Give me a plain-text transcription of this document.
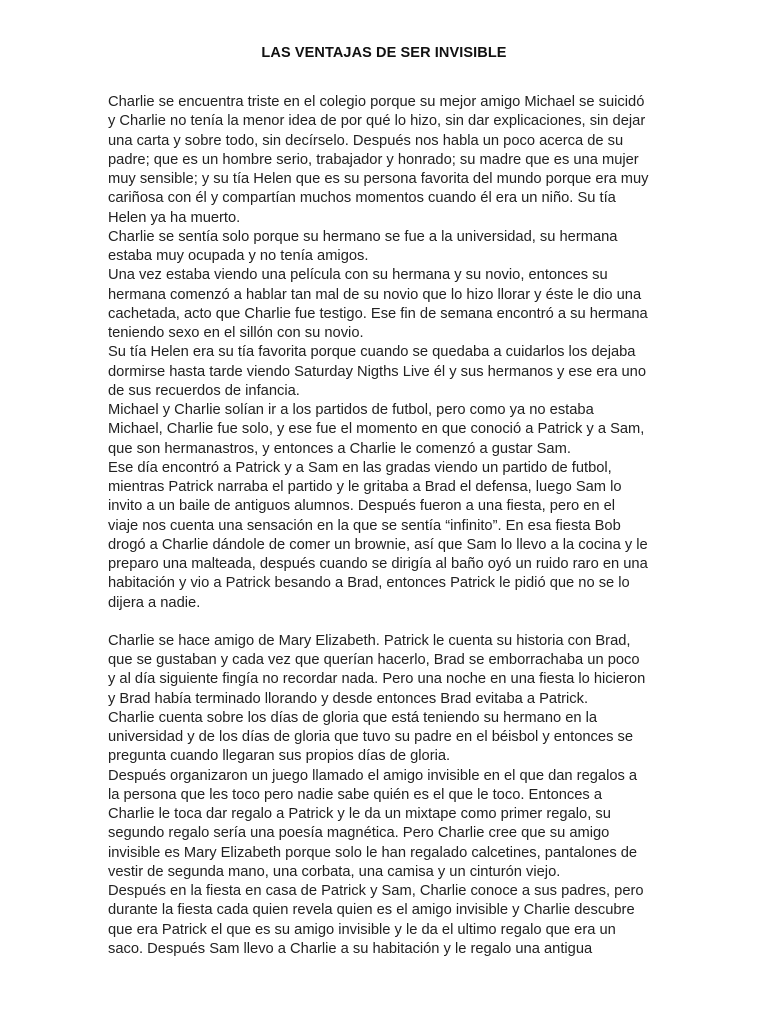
LAS VENTAJAS DE SER INVISIBLE
Charlie se encuentra triste en el colegio porque su mejor amigo Michael se suicidó
y Charlie no tenía la menor idea de por qué lo hizo, sin dar explicaciones, sin dejar
una carta y sobre todo, sin decírselo. Después nos habla un poco acerca de su
padre; que es un hombre serio, trabajador y honrado; su madre que es una mujer
muy sensible; y su tía Helen que es su persona favorita del mundo porque era muy
cariñosa con él y compartían muchos momentos cuando él era un niño. Su tía
Helen ya ha muerto.
Charlie se sentía solo porque su hermano se fue a la universidad, su hermana
estaba muy ocupada y no tenía amigos.
Una vez estaba viendo una película con su hermana y su novio, entonces su
hermana comenzó a hablar tan mal de su novio que lo hizo llorar y éste le dio una
cachetada, acto que Charlie fue testigo. Ese fin de semana encontró a su hermana
teniendo sexo en el sillón con su novio.
Su tía Helen era su tía favorita porque cuando se quedaba a cuidarlos los dejaba
dormirse hasta tarde viendo Saturday Nigths Live él y sus hermanos y ese era uno
de sus recuerdos de infancia.
Michael y Charlie solían ir a los partidos de futbol, pero como ya no estaba
Michael, Charlie fue solo, y ese fue el momento en que conoció a Patrick y a Sam,
que son hermanastros, y entonces a Charlie le comenzó a gustar Sam.
Ese día encontró a Patrick y a Sam en las gradas viendo un partido de futbol,
mientras Patrick narraba el partido y le gritaba a Brad el defensa, luego Sam lo
invito a un baile de antiguos alumnos. Después fueron a una fiesta, pero en el
viaje nos cuenta una sensación en la que se sentía “infinito”. En esa fiesta Bob
drogó a Charlie dándole de comer un brownie, así que Sam lo llevo a la cocina y le
preparo una malteada, después cuando se dirigía al baño oyó un ruido raro en una
habitación y vio a Patrick besando a Brad, entonces Patrick le pidió que no se lo
dijera a nadie.
Charlie se hace amigo de Mary Elizabeth. Patrick le cuenta su historia con Brad,
que se gustaban y cada vez que querían hacerlo, Brad se emborrachaba un poco
y al día siguiente fingía no recordar nada. Pero una noche en una fiesta lo hicieron
y Brad había terminado llorando y desde entonces Brad evitaba a Patrick.
Charlie cuenta sobre los días de gloria que está teniendo su hermano en la
universidad y de los días de gloria que tuvo su padre en el béisbol y entonces se
pregunta cuando llegaran sus propios días de gloria.
Después organizaron un juego llamado el amigo invisible en el que dan regalos a
la persona que les toco pero nadie sabe quién es el que le toco. Entonces a
Charlie le toca dar regalo a Patrick y le da un mixtape como primer regalo, su
segundo regalo sería una poesía magnética. Pero Charlie cree que su amigo
invisible es Mary Elizabeth porque solo le han regalado calcetines, pantalones de
vestir de segunda mano, una corbata, una camisa y un cinturón viejo.
Después en la fiesta en casa de Patrick y Sam, Charlie conoce a sus padres, pero
durante la fiesta cada quien revela quien es el amigo invisible y Charlie descubre
que era Patrick el que es su amigo invisible y le da el ultimo regalo que era un
saco. Después Sam llevo a Charlie a su habitación y le regalo una antigua
